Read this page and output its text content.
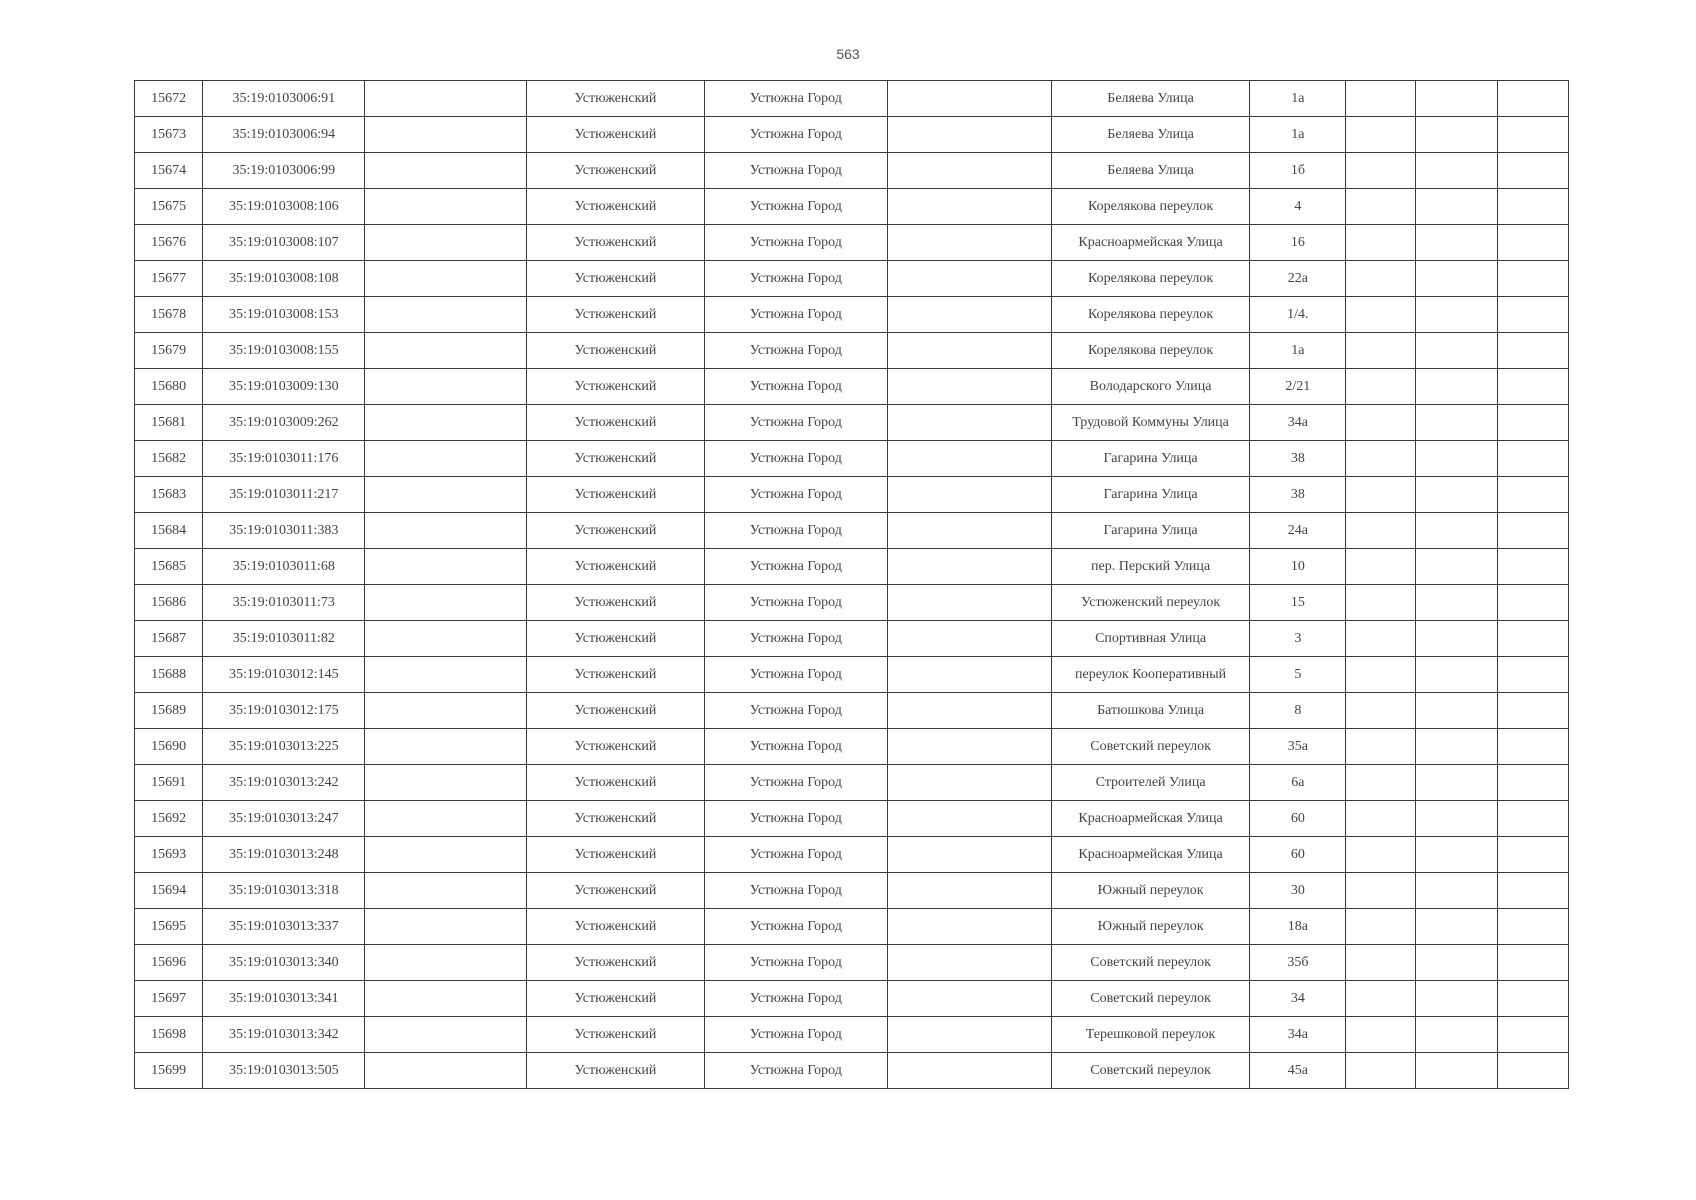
563
15672	35:19:0103006:91		Устюженский	Устюжна Город		Беляева Улица	1а			
15673	35:19:0103006:94		Устюженский	Устюжна Город		Беляева Улица	1а			
15674	35:19:0103006:99		Устюженский	Устюжна Город		Беляева Улица	1б			
15675	35:19:0103008:106		Устюженский	Устюжна Город		Корелякова переулок	4			
15676	35:19:0103008:107		Устюженский	Устюжна Город		Красноармейская Улица	16			
15677	35:19:0103008:108		Устюженский	Устюжна Город		Корелякова переулок	22а			
15678	35:19:0103008:153		Устюженский	Устюжна Город		Корелякова переулок	1/4.			
15679	35:19:0103008:155		Устюженский	Устюжна Город		Корелякова переулок	1а			
15680	35:19:0103009:130		Устюженский	Устюжна Город		Володарского Улица	2/21			
15681	35:19:0103009:262		Устюженский	Устюжна Город		Трудовой Коммуны Улица	34а			
15682	35:19:0103011:176		Устюженский	Устюжна Город		Гагарина Улица	38			
15683	35:19:0103011:217		Устюженский	Устюжна Город		Гагарина Улица	38			
15684	35:19:0103011:383		Устюженский	Устюжна Город		Гагарина Улица	24а			
15685	35:19:0103011:68		Устюженский	Устюжна Город		пер. Перский Улица	10			
15686	35:19:0103011:73		Устюженский	Устюжна Город		Устюженский переулок	15			
15687	35:19:0103011:82		Устюженский	Устюжна Город		Спортивная Улица	3			
15688	35:19:0103012:145		Устюженский	Устюжна Город		переулок Кооперативный	5			
15689	35:19:0103012:175		Устюженский	Устюжна Город		Батюшкова Улица	8			
15690	35:19:0103013:225		Устюженский	Устюжна Город		Советский переулок	35а			
15691	35:19:0103013:242		Устюженский	Устюжна Город		Строителей Улица	6а			
15692	35:19:0103013:247		Устюженский	Устюжна Город		Красноармейская Улица	60			
15693	35:19:0103013:248		Устюженский	Устюжна Город		Красноармейская Улица	60			
15694	35:19:0103013:318		Устюженский	Устюжна Город		Южный переулок	30			
15695	35:19:0103013:337		Устюженский	Устюжна Город		Южный переулок	18а			
15696	35:19:0103013:340		Устюженский	Устюжна Город		Советский переулок	35б			
15697	35:19:0103013:341		Устюженский	Устюжна Город		Советский переулок	34			
15698	35:19:0103013:342		Устюженский	Устюжна Город		Терешковой переулок	34а			
15699	35:19:0103013:505		Устюженский	Устюжна Город		Советский переулок	45а			
